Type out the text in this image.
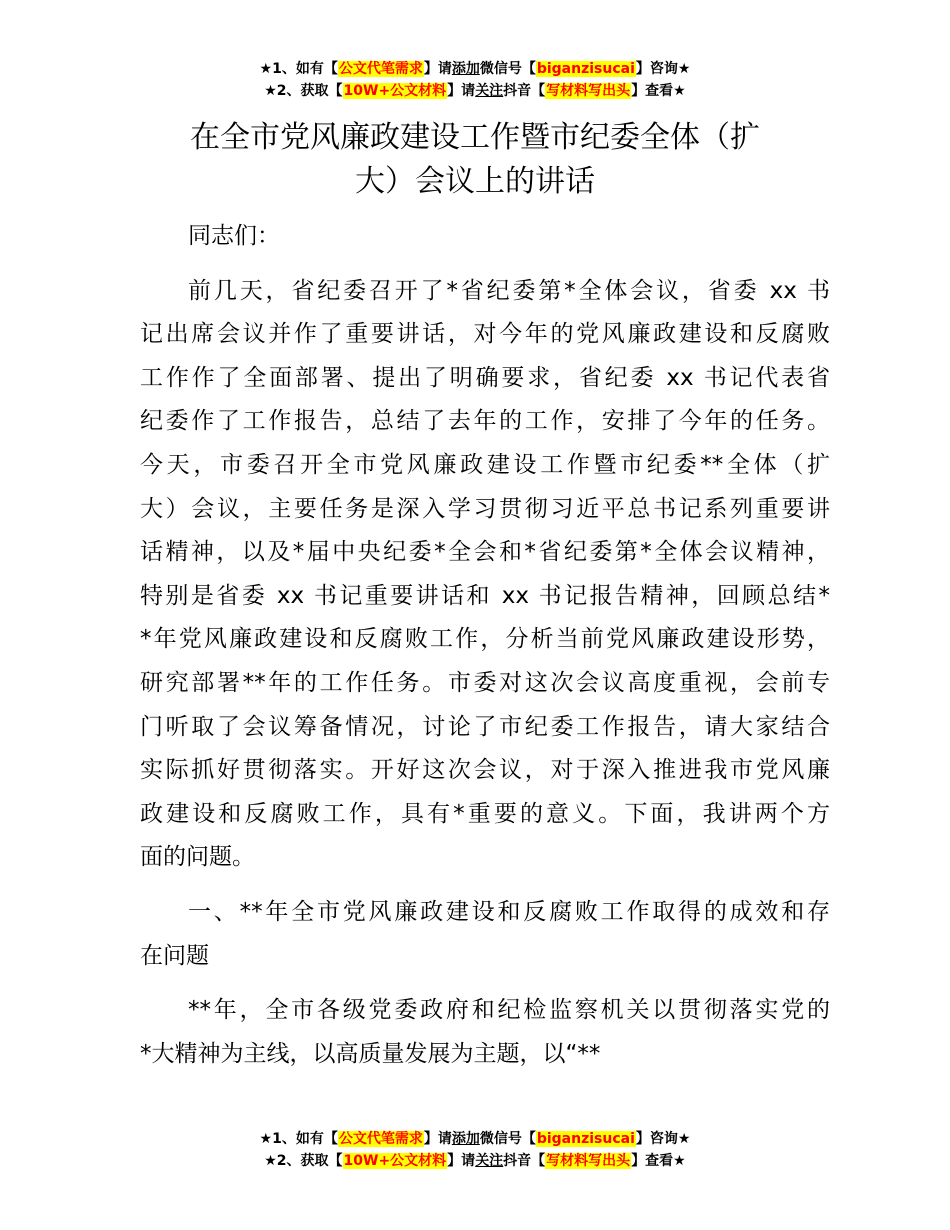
★1、如有【公文代笔需求】请添加微信号【biganzisucai】咨询★
★2、获取【10W+公文材料】请关注抖音【写材料写出头】查看★
在全市党风廉政建设工作暨市纪委全体（扩
大）会议上的讲话
同志们：
前几天，省纪委召开了*省纪委第*全体会议，省委 xx 书
记出席会议并作了重要讲话，对今年的党风廉政建设和反腐败
工作作了全面部署、提出了明确要求，省纪委 xx 书记代表省
纪委作了工作报告，总结了去年的工作，安排了今年的任务。
今天，市委召开全市党风廉政建设工作暨市纪委**全体（扩
大）会议，主要任务是深入学习贯彻习近平总书记系列重要讲
话精神，以及*届中央纪委*全会和*省纪委第*全体会议精神，
特别是省委 xx 书记重要讲话和 xx 书记报告精神，回顾总结*
*年党风廉政建设和反腐败工作，分析当前党风廉政建设形势，
研究部署**年的工作任务。市委对这次会议高度重视，会前专
门听取了会议筹备情况，讨论了市纪委工作报告，请大家结合
实际抓好贯彻落实。开好这次会议，对于深入推进我市党风廉
政建设和反腐败工作，具有*重要的意义。下面，我讲两个方
面的问题。
一、**年全市党风廉政建设和反腐败工作取得的成效和存
在问题
**年，全市各级党委政府和纪检监察机关以贯彻落实党的
*大精神为主线，以高质量发展为主题，以“**
★1、如有【公文代笔需求】请添加微信号【biganzisucai】咨询★
★2、获取【10W+公文材料】请关注抖音【写材料写出头】查看★
